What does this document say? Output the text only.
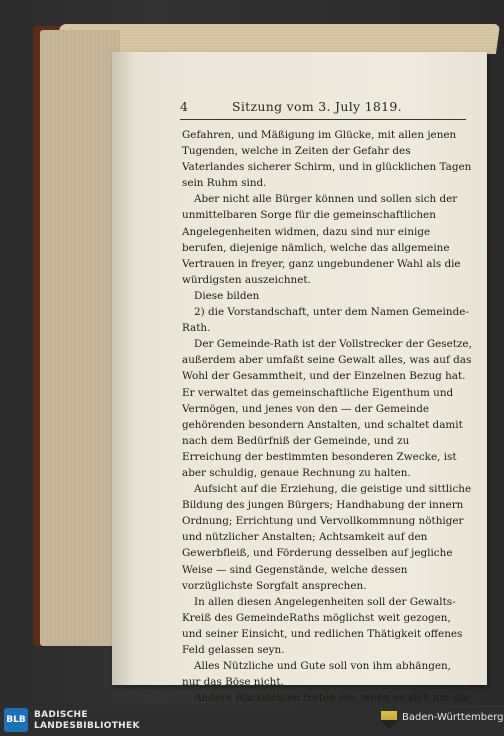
4	Sitzung vom 3. July 1819.

Gefahren, und Mäßigung im Glücke, mit allen jenen Tugenden, welche in Zeiten der Gefahr des Vaterlandes sicherer Schirm, und in glücklichen Tagen sein Ruhm sind.

Aber nicht alle Bürger können und sollen sich der unmittelbaren Sorge für die gemeinschaftlichen Angelegenheiten widmen, dazu sind nur einige berufen, diejenige nämlich, welche das allgemeine Vertrauen in freyer, ganz ungebundener Wahl als die würdigsten auszeichnet.

Diese bilden

2) die Vorstandschaft, unter dem Namen Gemeinde-Rath.

Der Gemeinde-Rath ist der Vollstrecker der Gesetze, außerdem aber umfaßt seine Gewalt alles, was auf das Wohl der Gesammtheit, und der Einzelnen Bezug hat. Er verwaltet das gemeinschaftliche Eigenthum und Vermögen, und jenes von den — der Gemeinde gehörenden besondern Anstalten, und schaltet damit nach dem Bedürfniß der Gemeinde, und zu Erreichung der bestimmten besonderen Zwecke, ist aber schuldig, genaue Rechnung zu halten.

Aufsicht auf die Erziehung, die geistige und sittliche Bildung des jungen Bürgers; Handhabung der innern Ordnung; Errichtung und Vervollkommnung nöthiger und nützlicher Anstalten; Achtsamkeit auf den Gewerbfleiß, und Förderung desselben auf jegliche Weise — sind Gegenstände, welche dessen vorzüglichste Sorgfalt ansprechen.

In allen diesen Angelegenheiten soll der Gewalts-Kreiß des GemeindeRaths möglichst weit gezogen, und seiner Einsicht, und redlichen Thätigkeit offenes Feld gelassen seyn.

Alles Nützliche und Gute soll von ihm abhängen, nur das Böse nicht.

Andere Rücksichten treten ein, wenn es sich um die

BLB BADISCHE
LANDESBIBLIOTHEK
Baden-Württemberg
